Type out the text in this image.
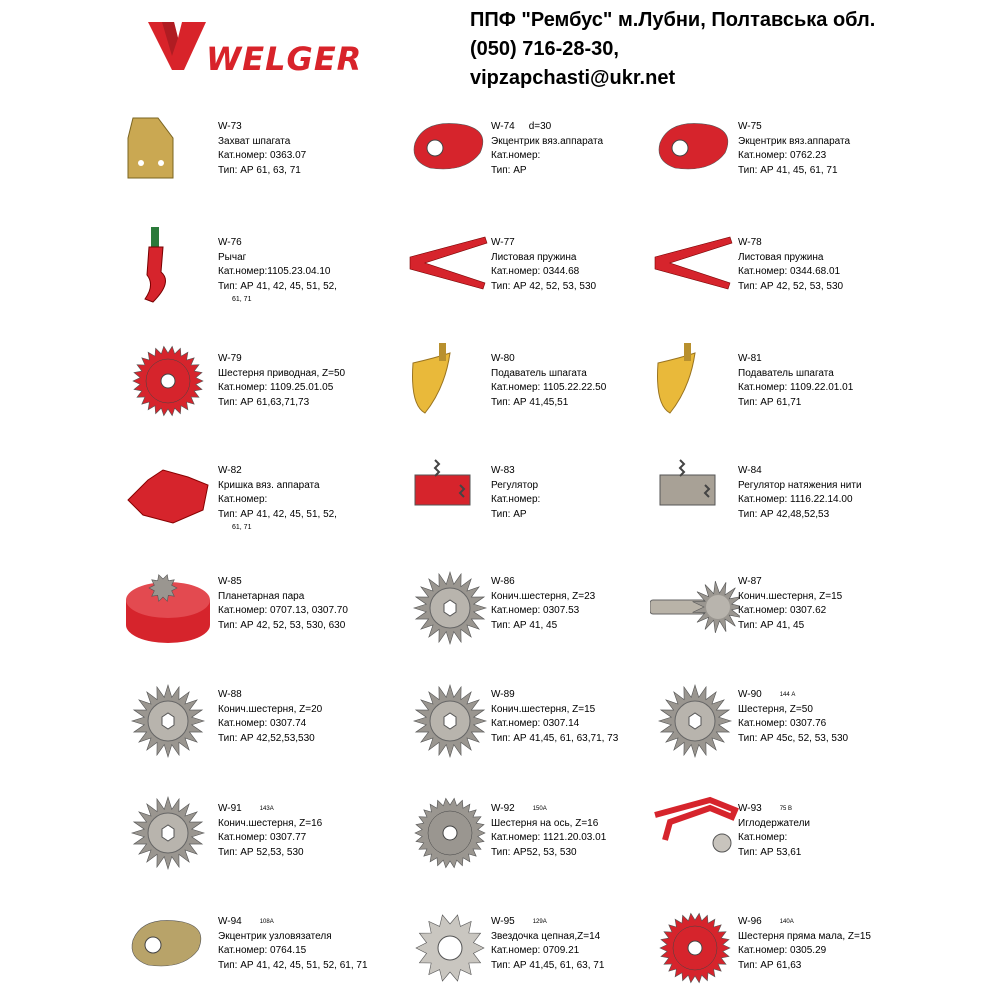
WELGER
ППФ "Рембус" м.Лубни, Полтавська обл.
(050) 716-28-30,
vipzapchasti@ukr.net
W-73
Захват шпагата
Кат.номер: 0363.07
Тип: АР 61, 63, 71
W-74 d=30
Экцентрик вяз.аппарата
Кат.номер:
Тип: АР
W-75
Экцентрик вяз.аппарата
Кат.номер: 0762.23
Тип: АР 41, 45, 61, 71
W-76
Рычаг
Кат.номер:1105.23.04.10
Тип: АР 41, 42, 45, 51, 52,
61, 71
W-77
Листовая пружина
Кат.номер: 0344.68
Тип: АР 42, 52, 53, 530
W-78
Листовая пружина
Кат.номер: 0344.68.01
Тип: АР 42, 52, 53, 530
W-79
Шестерня приводная, Z=50
Кат.номер: 1109.25.01.05
Тип: АР 61,63,71,73
W-80
Подаватель шпагата
Кат.номер: 1105.22.22.50
Тип: АР 41,45,51
W-81
Подаватель шпагата
Кат.номер: 1109.22.01.01
Тип: АР 61,71
W-82
Кришка вяз. аппарата
Кат.номер:
Тип: АР 41, 42, 45, 51, 52,
61, 71
W-83
Регулятор
Кат.номер:
Тип: АР
W-84
Регулятор натяжения нити
Кат.номер: 1116.22.14.00
Тип: АР 42,48,52,53
W-85
Планетарная пара
Кат.номер: 0707.13, 0307.70
Тип: АР 42, 52, 53, 530, 630
W-86
Конич.шестерня, Z=23
Кат.номер: 0307.53
Тип: АР 41, 45
W-87
Конич.шестерня, Z=15
Кат.номер: 0307.62
Тип: АР 41, 45
W-88
Конич.шестерня, Z=20
Кат.номер: 0307.74
Тип: АР 42,52,53,530
W-89
Конич.шестерня, Z=15
Кат.номер: 0307.14
Тип: АР 41,45, 61, 63,71, 73
W-90	144 А
Шестерня, Z=50
Кат.номер: 0307.76
Тип: АР 45с, 52, 53, 530
W-91	143А
Конич.шестерня, Z=16
Кат.номер: 0307.77
Тип: АР 52,53, 530
W-92	150А
Шестерня на ось, Z=16
Кат.номер: 1121.20.03.01
Тип: АР52, 53, 530
W-93	75 В
Иглодержатели
Кат.номер:
Тип: АР 53,61
W-94	108А
Экцентрик узловязателя
Кат.номер: 0764.15
Тип: АР 41, 42, 45, 51, 52, 61, 71
W-95	129А
Звездочка цепная,Z=14
Кат.номер: 0709.21
Тип: АР 41,45, 61, 63, 71
W-96	140А
Шестерня пряма мала, Z=15
Кат.номер: 0305.29
Тип: АР 61,63
